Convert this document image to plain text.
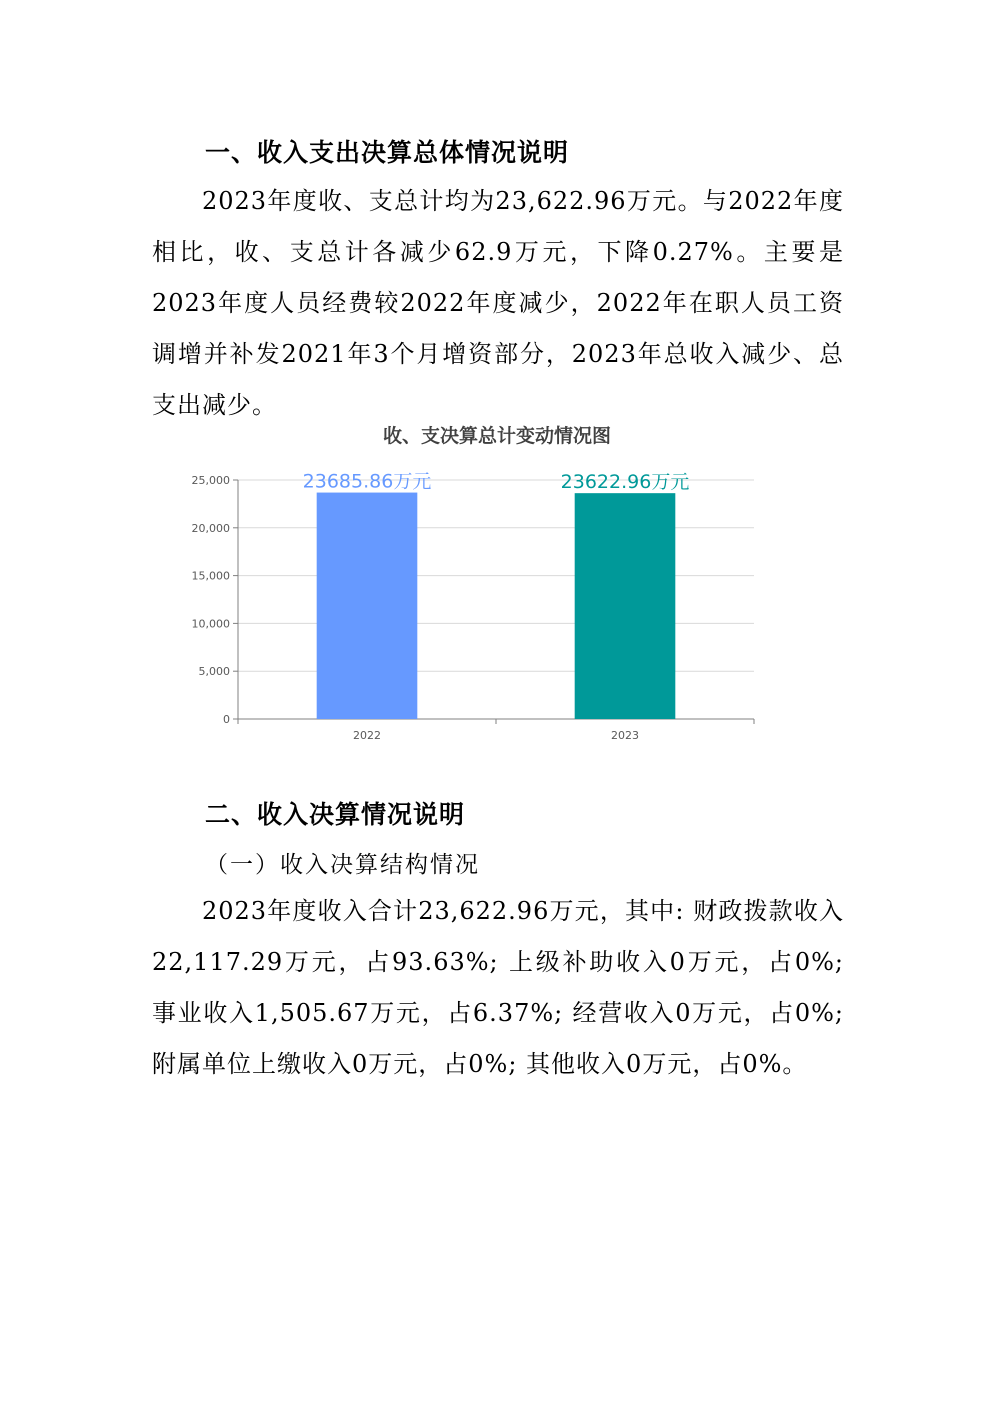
一、收入支出决算总体情况说明
2023年度收、支总计均为23,622.96万元。与2022年度相比，收、支总计各减少62.9万元，下降0.27%。主要是2023年度人员经费较2022年度减少，2022年在职人员工资调增并补发2021年3个月增资部分，2023年总收入减少、总支出减少。
收、支决算总计变动情况图
0
5,000
10,000
15,000
20,000
25,000
2022
23685.86万元
2023
23622.96万元
二、收入决算情况说明
（一）收入决算结构情况
2023年度收入合计23,622.96万元，其中: 财政拨款收入22,117.29万元，占93.63%; 上级补助收入0万元，占0%; 事业收入1,505.67万元，占6.37%; 经营收入0万元，占0%; 附属单位上缴收入0万元，占0%; 其他收入0万元，占0%。
